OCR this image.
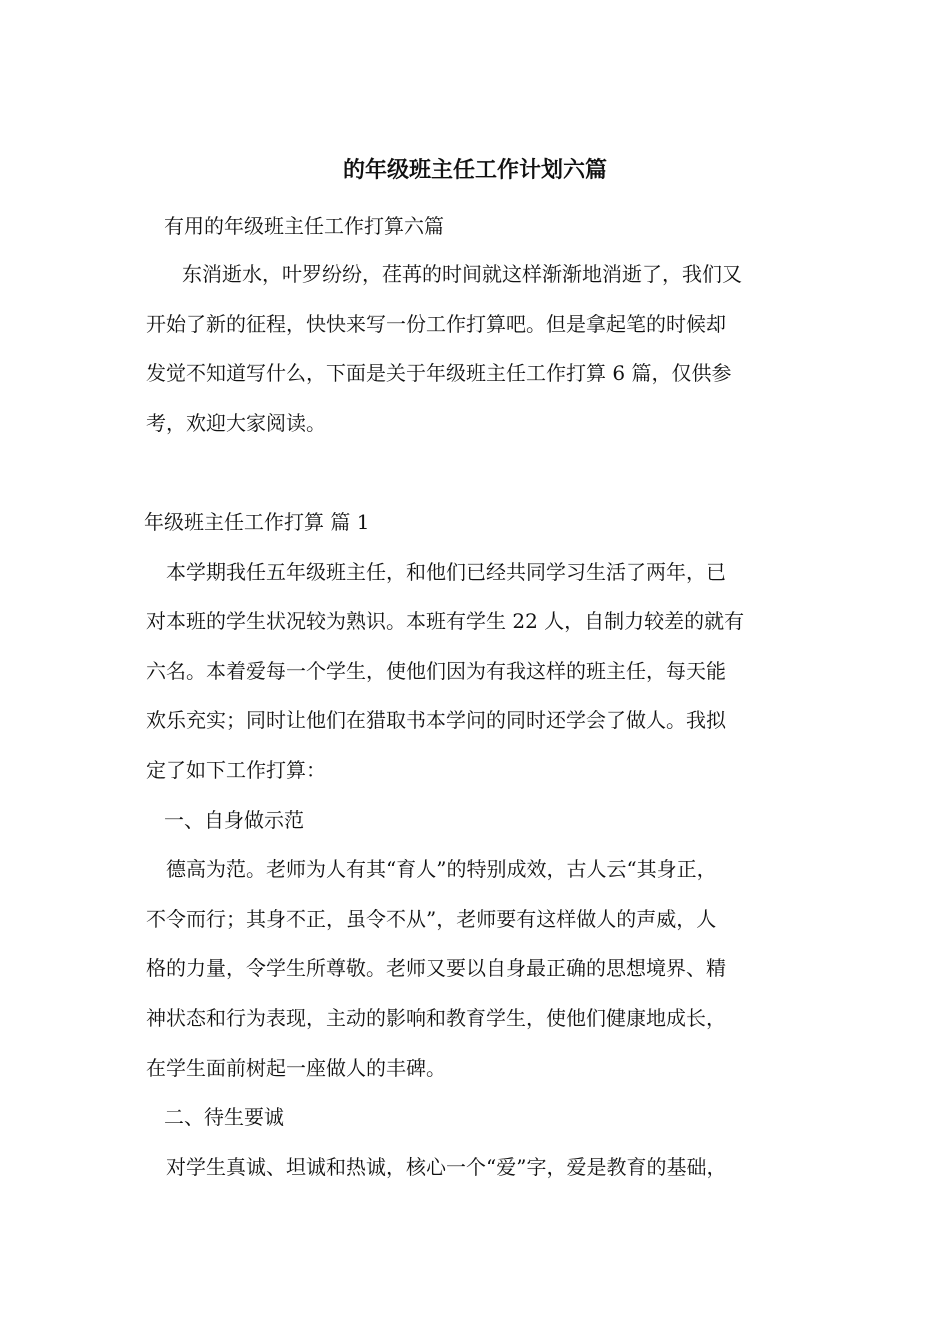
的年级班主任工作计划六篇

有用的年级班主任工作打算六篇

东消逝水，叶罗纷纷，荏苒的时间就这样渐渐地消逝了，我们又

开始了新的征程，快快来写一份工作打算吧。但是拿起笔的时候却

发觉不知道写什么，下面是关于年级班主任工作打算 6 篇，仅供参

考，欢迎大家阅读。

年级班主任工作打算 篇 1

本学期我任五年级班主任，和他们已经共同学习生活了两年，已

对本班的学生状况较为熟识。本班有学生 22 人，自制力较差的就有

六名。本着爱每一个学生，使他们因为有我这样的班主任，每天能

欢乐充实；同时让他们在猎取书本学问的同时还学会了做人。我拟

定了如下工作打算：

一、自身做示范

德高为范。老师为人有其“育人”的特别成效，古人云“其身正，

不令而行；其身不正，虽令不从”，老师要有这样做人的声威，人

格的力量，令学生所尊敬。老师又要以自身最正确的思想境界、精

神状态和行为表现，主动的影响和教育学生，使他们健康地成长，

在学生面前树起一座做人的丰碑。

二、待生要诚

对学生真诚、坦诚和热诚，核心一个“爱”字，爱是教育的基础，
